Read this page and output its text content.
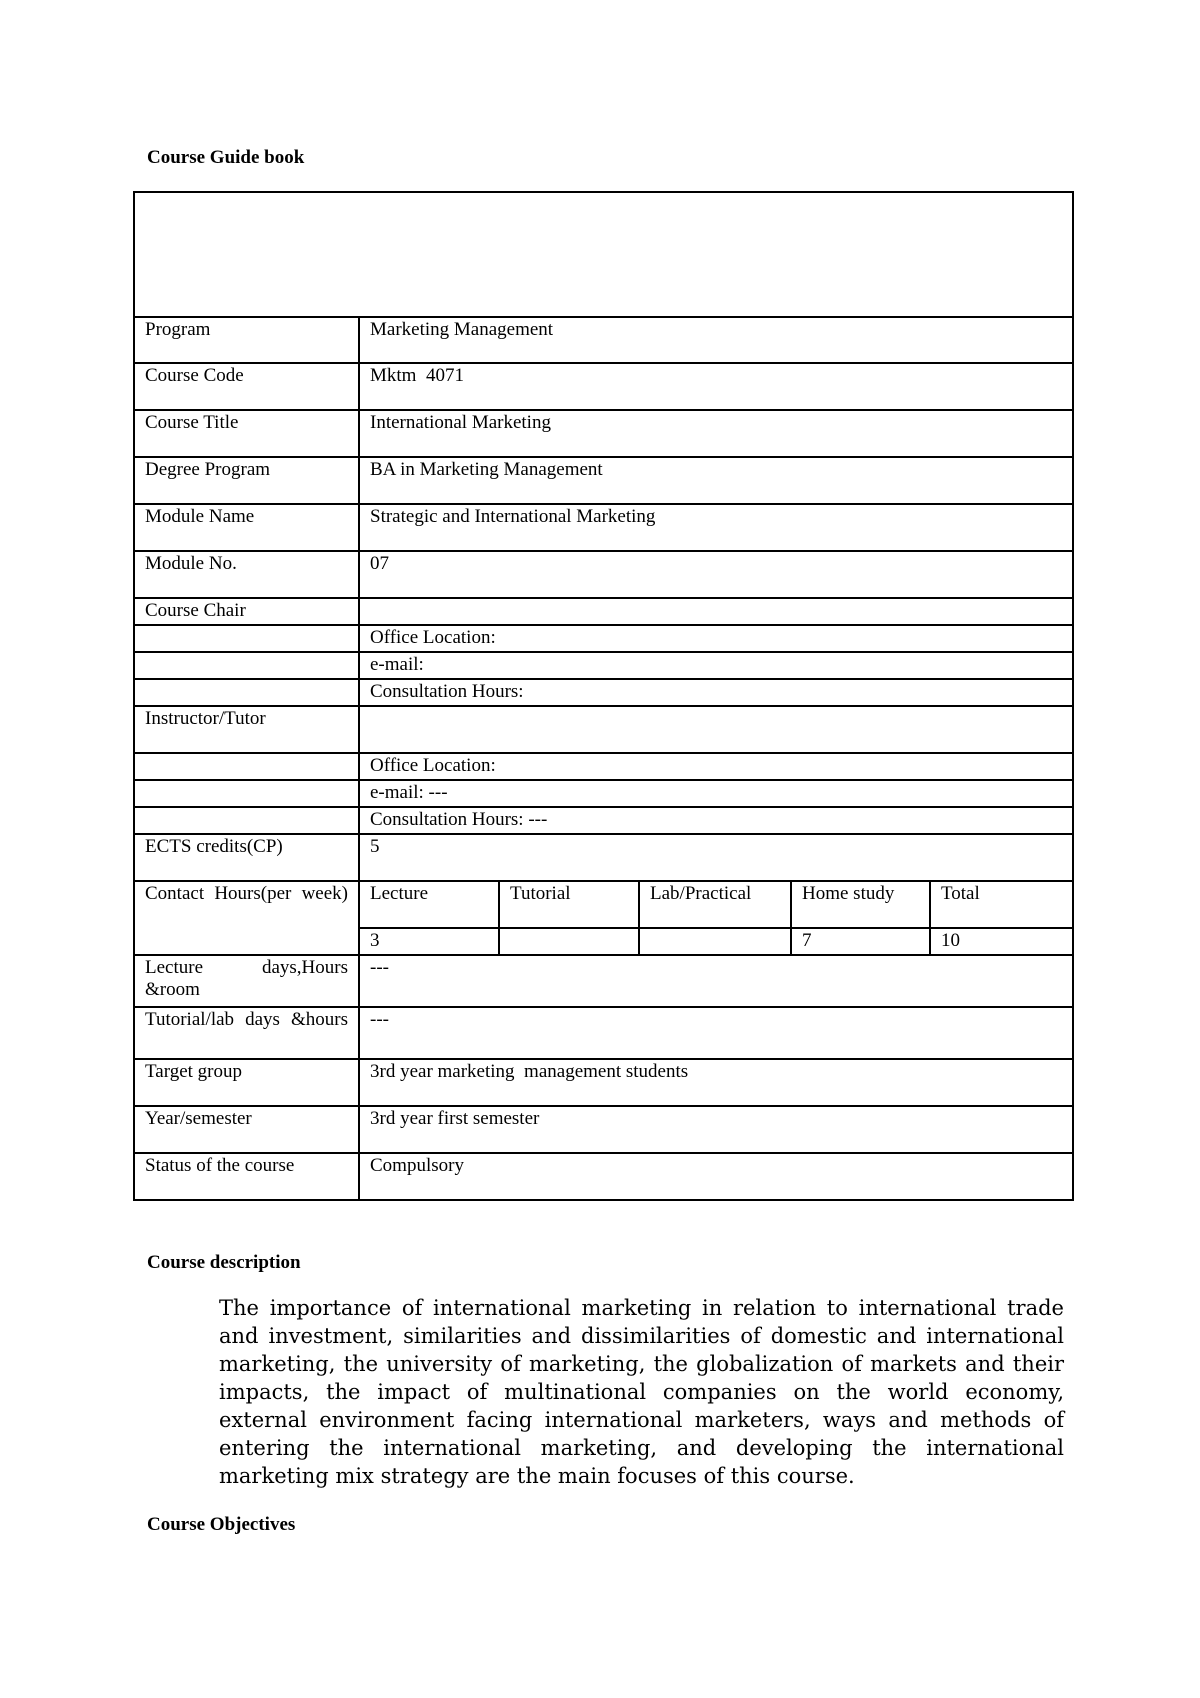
Course Guide book

Program	Marketing Management				
Course Code	Mktm  4071				
Course Title	International Marketing				
Degree Program	BA in Marketing Management				
Module Name	Strategic and International Marketing				
Module No.	07				
Course Chair					
	Office Location:				
	e-mail:				
	Consultation Hours:				
Instructor/Tutor					
	Office Location:				
	e-mail: ---				
	Consultation Hours: ---				
ECTS credits(CP)	5				
Contact Hours(per week)	Lecture	Tutorial	Lab/Practical	Home study	Total
	3			7	10
Lecture days,Hours &room	---				
Tutorial/lab days &hours	---				
Target group	3rd year marketing  management students				
Year/semester	3rd year first semester				
Status of the course	Compulsory				
Course description

The importance of international marketing in relation to international trade and investment, similarities and dissimilarities of domestic and international marketing, the university of marketing, the globalization of markets and their impacts, the impact of multinational companies on the world economy, external environment facing international marketers, ways and methods of entering the international marketing, and developing the international marketing mix strategy are the main focuses of this course.

Course Objectives
